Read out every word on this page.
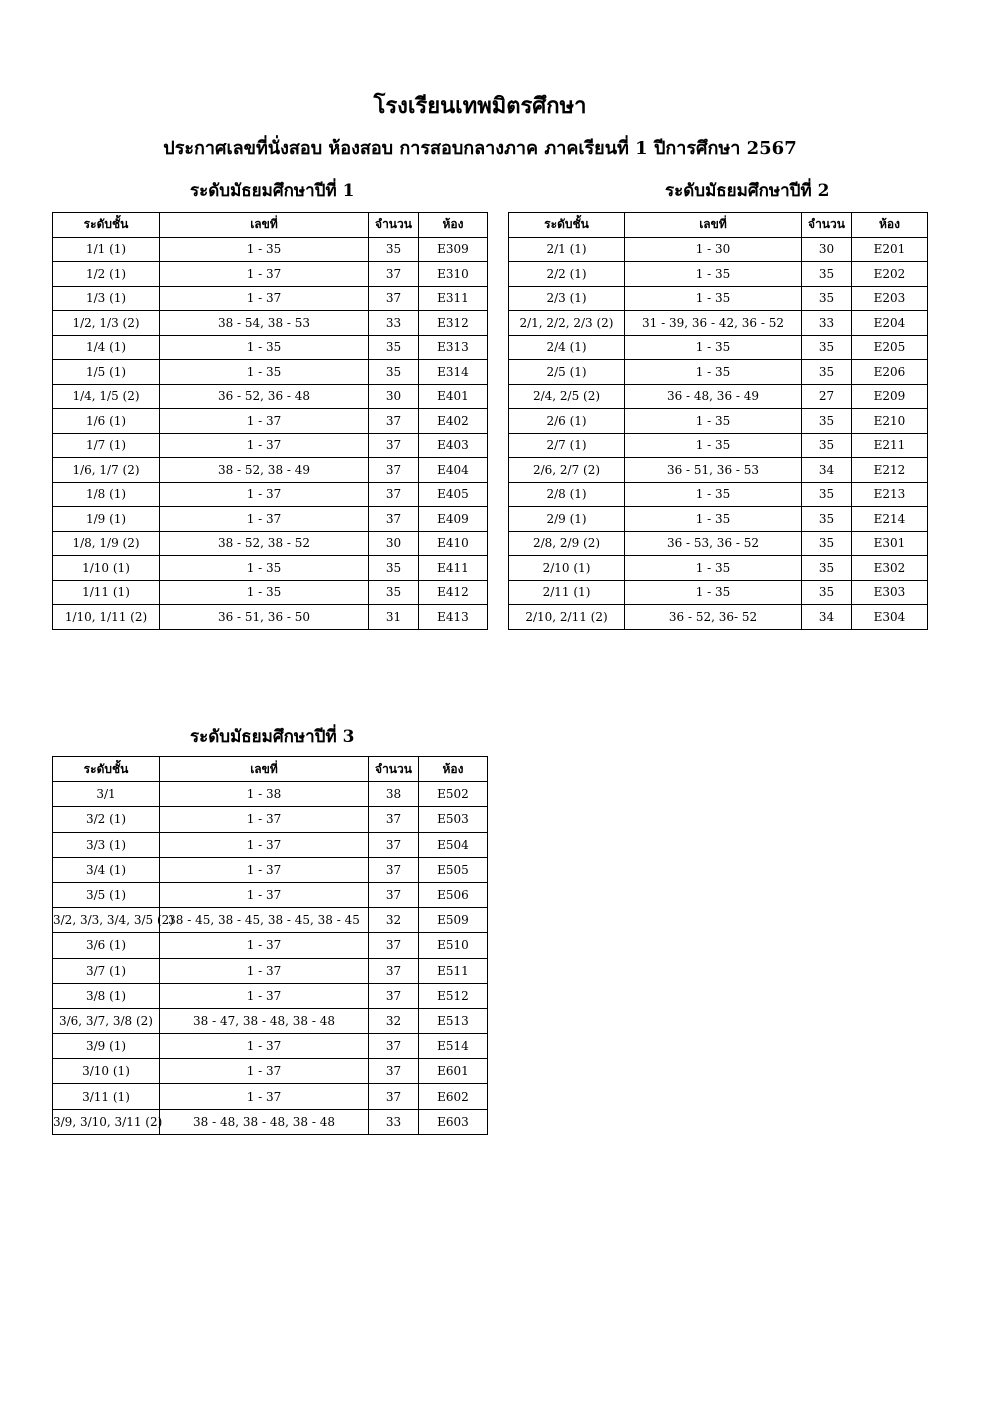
โรงเรียนเทพมิตรศึกษา
ประกาศเลขที่นั่งสอบ ห้องสอบ การสอบกลางภาค ภาคเรียนที่ 1 ปีการศึกษา 2567
ระดับมัธยมศึกษาปีที่ 1	ระดับมัธยมศึกษาปีที่ 2
ระดับมัธยมศึกษาปีที่ 3
ระดับชั้น	เลขที่	จำนวน	ห้อง
1/1 (1)	1 - 35	35	E309
1/2 (1)	1 - 37	37	E310
1/3 (1)	1 - 37	37	E311
1/2, 1/3 (2)	38 - 54, 38 - 53	33	E312
1/4 (1)	1 - 35	35	E313
1/5 (1)	1 - 35	35	E314
1/4, 1/5 (2)	36 - 52, 36 - 48	30	E401
1/6 (1)	1 - 37	37	E402
1/7 (1)	1 - 37	37	E403
1/6, 1/7 (2)	38 - 52, 38 - 49	37	E404
1/8 (1)	1 - 37	37	E405
1/9 (1)	1 - 37	37	E409
1/8, 1/9 (2)	38 - 52, 38 - 52	30	E410
1/10 (1)	1 - 35	35	E411
1/11 (1)	1 - 35	35	E412
1/10, 1/11 (2)	36 - 51, 36 - 50	31	E413
ระดับชั้น	เลขที่	จำนวน	ห้อง
2/1 (1)	1 - 30	30	E201
2/2 (1)	1 - 35	35	E202
2/3 (1)	1 - 35	35	E203
2/1, 2/2, 2/3 (2)	31 - 39, 36 - 42, 36 - 52	33	E204
2/4 (1)	1 - 35	35	E205
2/5 (1)	1 - 35	35	E206
2/4, 2/5 (2)	36 - 48, 36 - 49	27	E209
2/6 (1)	1 - 35	35	E210
2/7 (1)	1 - 35	35	E211
2/6, 2/7 (2)	36 - 51, 36 - 53	34	E212
2/8 (1)	1 - 35	35	E213
2/9 (1)	1 - 35	35	E214
2/8, 2/9 (2)	36 - 53, 36 - 52	35	E301
2/10 (1)	1 - 35	35	E302
2/11 (1)	1 - 35	35	E303
2/10, 2/11 (2)	36 - 52, 36- 52	34	E304
ระดับชั้น	เลขที่	จำนวน	ห้อง
3/1	1 - 38	38	E502
3/2 (1)	1 - 37	37	E503
3/3 (1)	1 - 37	37	E504
3/4 (1)	1 - 37	37	E505
3/5 (1)	1 - 37	37	E506
3/2, 3/3, 3/4, 3/5 (2)	38 - 45, 38 - 45, 38 - 45, 38 - 45	32	E509
3/6 (1)	1 - 37	37	E510
3/7 (1)	1 - 37	37	E511
3/8 (1)	1 - 37	37	E512
3/6, 3/7, 3/8 (2)	38 - 47, 38 - 48, 38 - 48	32	E513
3/9 (1)	1 - 37	37	E514
3/10 (1)	1 - 37	37	E601
3/11 (1)	1 - 37	37	E602
3/9, 3/10, 3/11 (2)	38 - 48, 38 - 48, 38 - 48	33	E603
